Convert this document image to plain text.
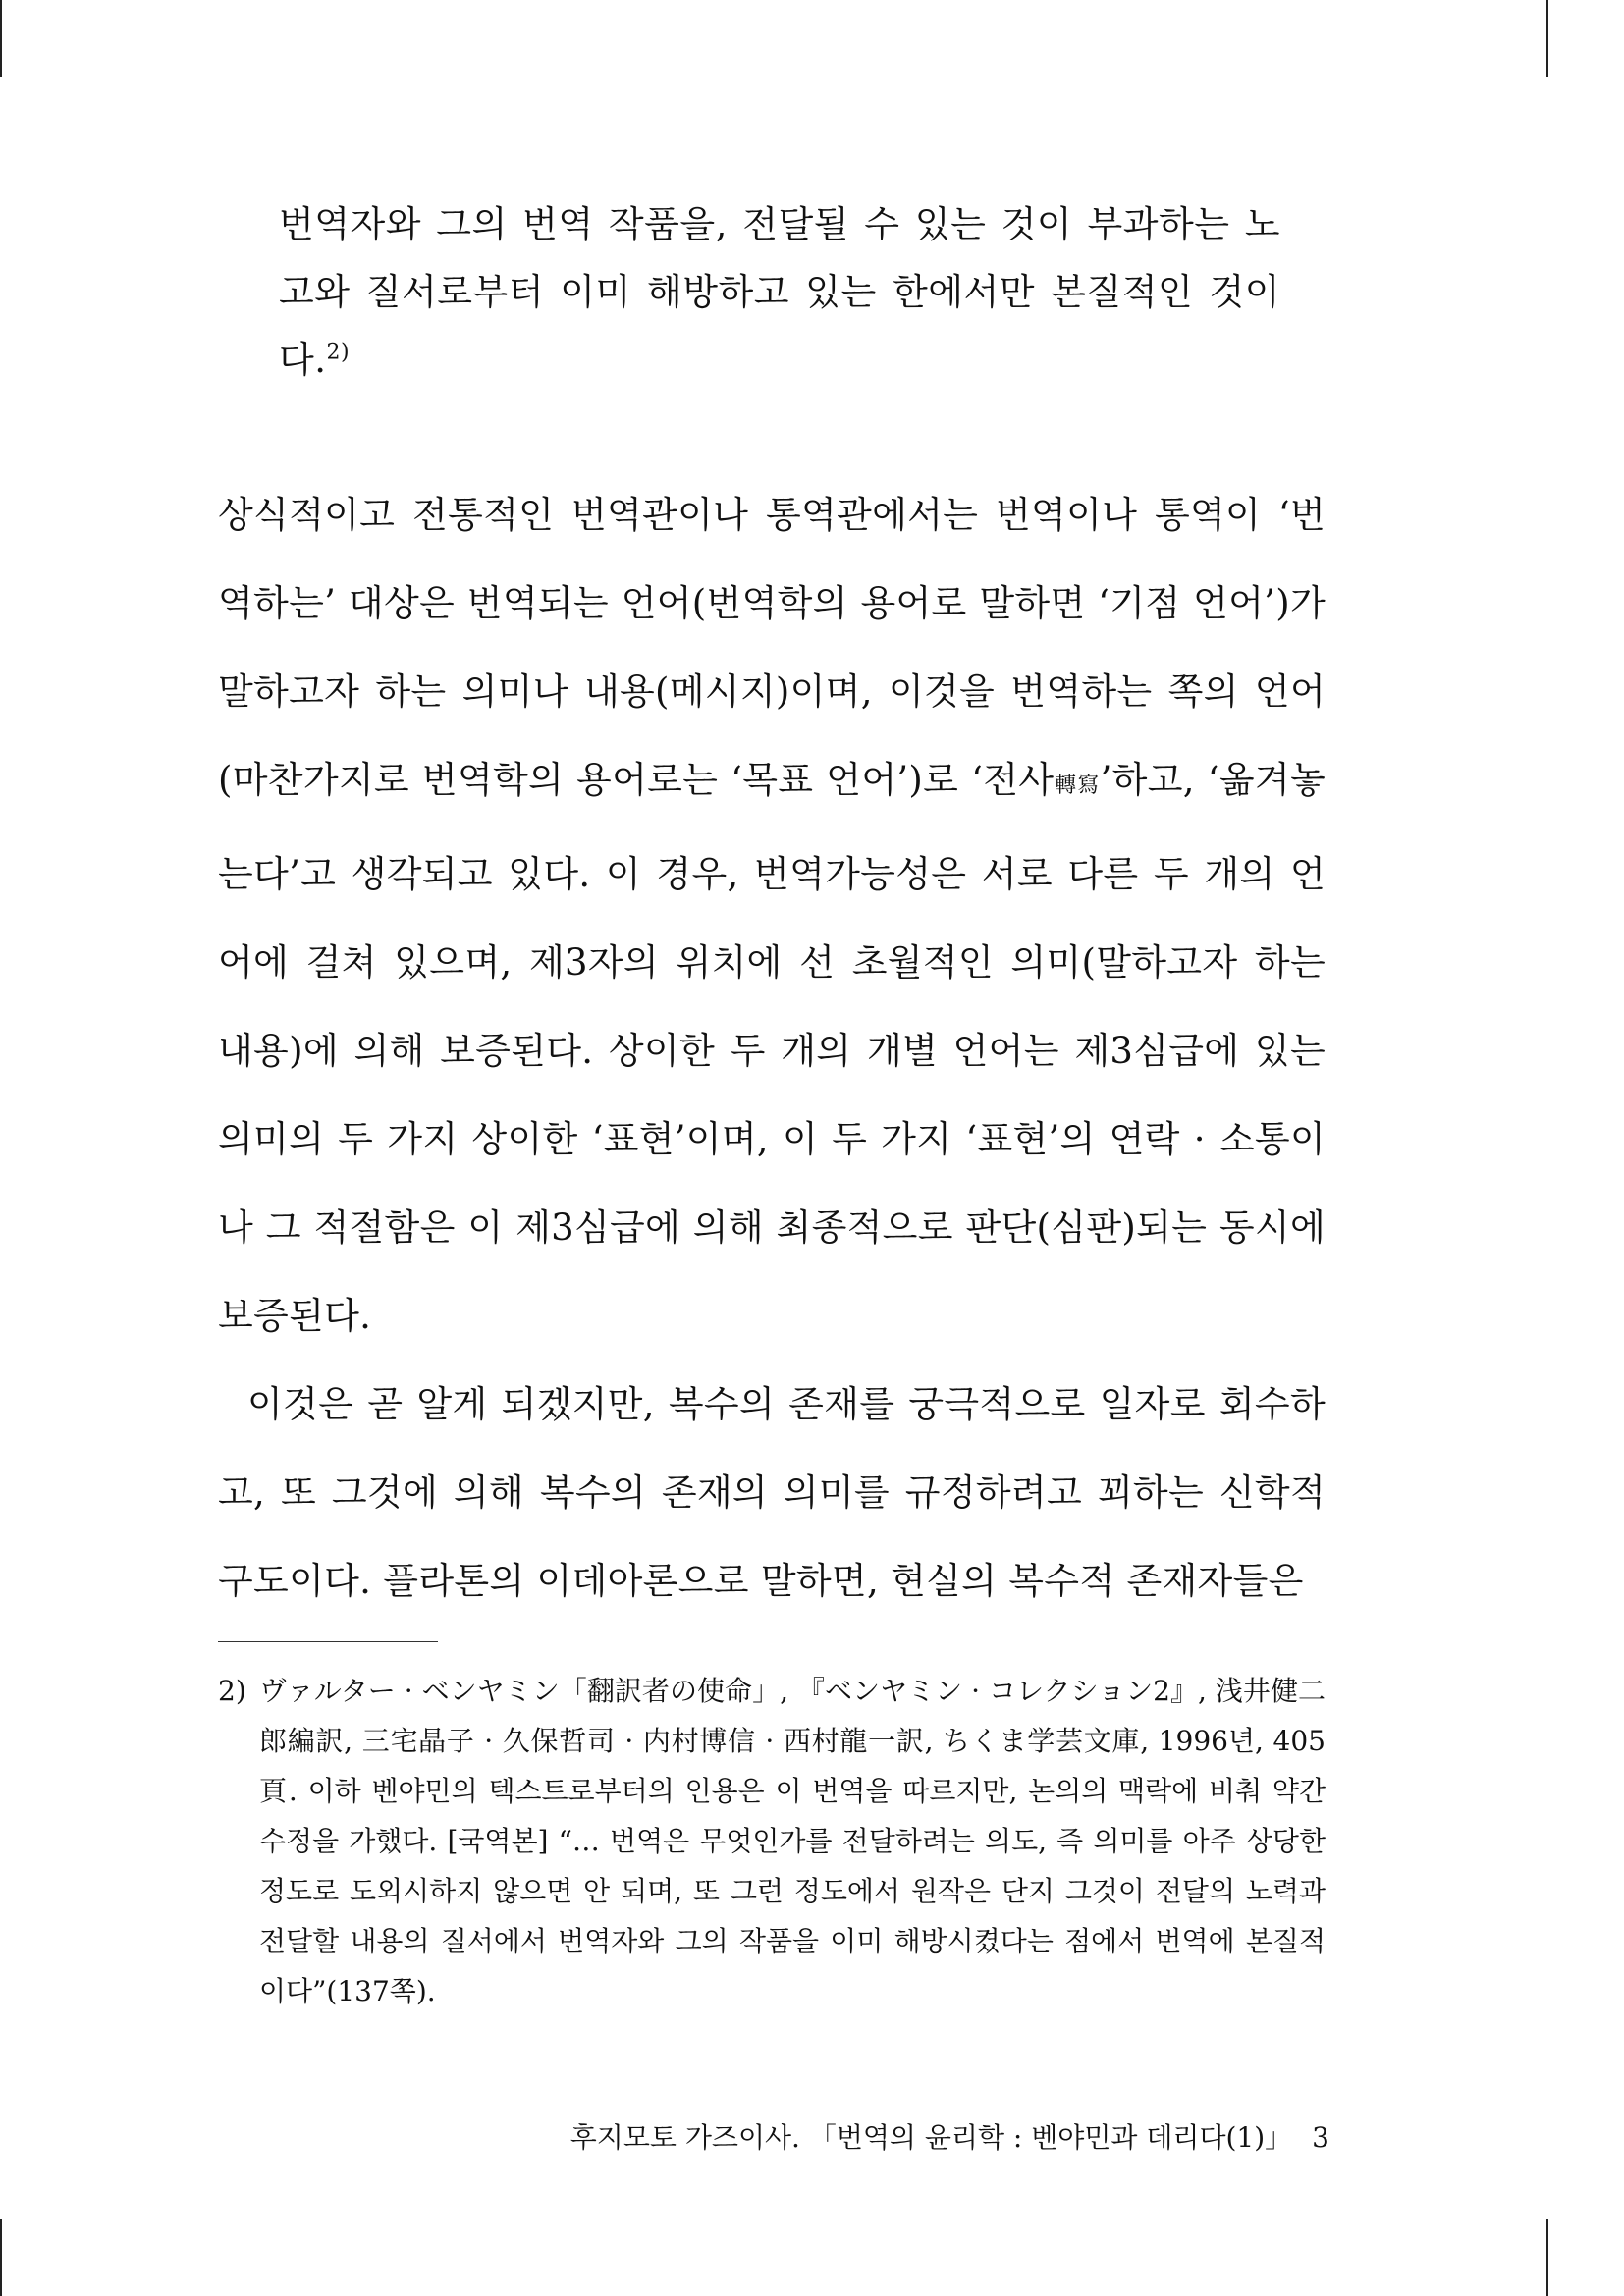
번역자와 그의 번역 작품을, 전달될 수 있는 것이 부과하는 노고와 질서로부터 이미 해방하고 있는 한에서만 본질적인 것이다.$^{2)}$

상식적이고 전통적인 번역관이나 통역관에서는 번역이나 통역이 ‘번역하는’ 대상은 번역되는 언어(번역학의 용어로 말하면 ‘기점 언어’)가 말하고자 하는 의미나 내용(메시지)이며, 이것을 번역하는 쪽의 언어(마찬가지로 번역학의 용어로는 ‘목표 언어’)로 ‘전사轉寫’하고, ‘옮겨놓는다’고 생각되고 있다. 이 경우, 번역가능성은 서로 다른 두 개의 언어에 걸쳐 있으며, 제3자의 위치에 선 초월적인 의미(말하고자 하는 내용)에 의해 보증된다. 상이한 두 개의 개별 언어는 제3심급에 있는 의미의 두 가지 상이한 ‘표현’이며, 이 두 가지 ‘표현’의 연락 · 소통이나 그 적절함은 이 제3심급에 의해 최종적으로 판단(심판)되는 동시에 보증된다.

이것은 곧 알게 되겠지만, 복수의 존재를 궁극적으로 일자로 회수하고, 또 그것에 의해 복수의 존재의 의미를 규정하려고 꾀하는 신학적 구도이다. 플라톤의 이데아론으로 말하면, 현실의 복수적 존재자들은

2) ヴァルター · ベンヤミン「翻訳者の使命」, 『ベンヤミン · コレクション2』, 浅井健二郎編訳, 三宅晶子 · 久保哲司 · 内村博信 · 西村龍一訳, ちくま学芸文庫, 1996년, 405頁. 이하 벤야민의 텍스트로부터의 인용은 이 번역을 따르지만, 논의의 맥락에 비춰 약간 수정을 가했다. [국역본] “… 번역은 무엇인가를 전달하려는 의도, 즉 의미를 아주 상당한 정도로 도외시하지 않으면 안 되며, 또 그런 정도에서 원작은 단지 그것이 전달의 노력과 전달할 내용의 질서에서 번역자와 그의 작품을 이미 해방시켰다는 점에서 번역에 본질적이다”(137쪽).
후지모토 가즈이사. 「번역의 윤리학 : 벤야민과 데리다(1)」 3
